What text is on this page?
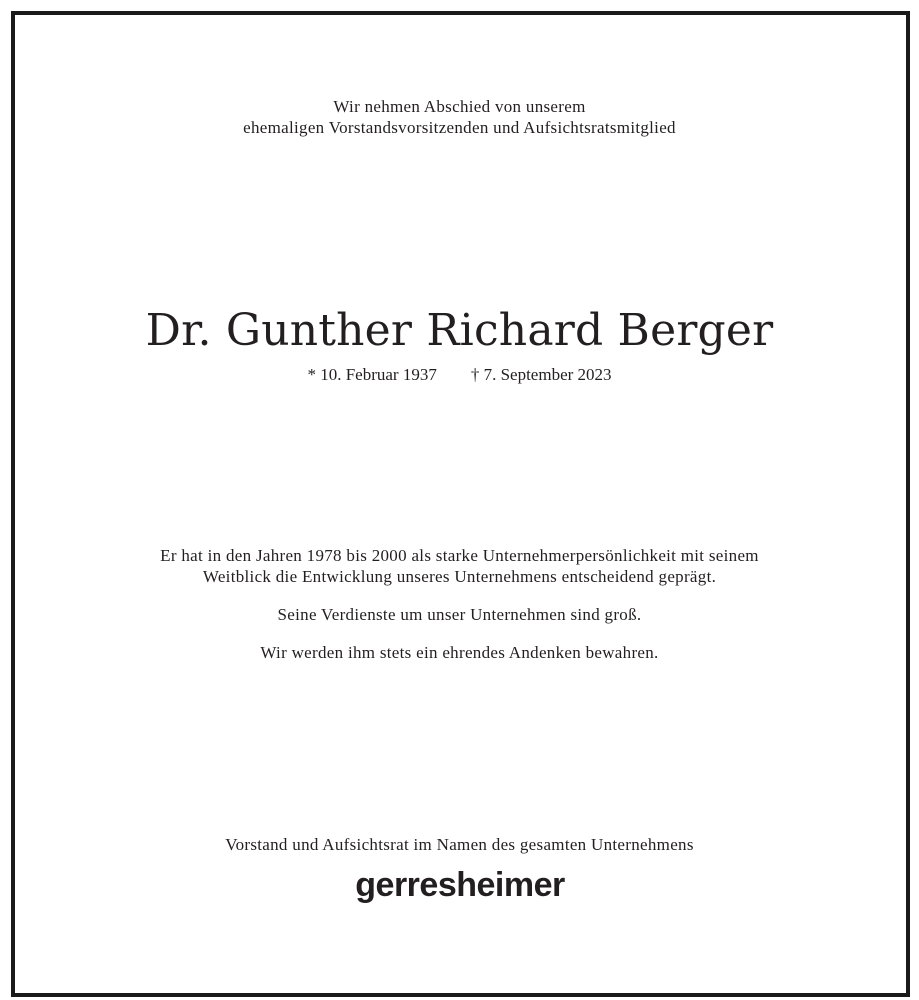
Wir nehmen Abschied von unserem
ehemaligen Vorstandsvorsitzenden und Aufsichtsratsmitglied
Dr. Gunther Richard Berger
* 10. Februar 1937 † 7. September 2023

Er hat in den Jahren 1978 bis 2000 als starke Unternehmerpersönlichkeit mit seinem
Weitblick die Entwicklung unseres Unternehmens entscheidend geprägt.

Seine Verdienste um unser Unternehmen sind groß.

Wir werden ihm stets ein ehrendes Andenken bewahren.

Vorstand und Aufsichtsrat im Namen des gesamten Unternehmens
gerresheimer
